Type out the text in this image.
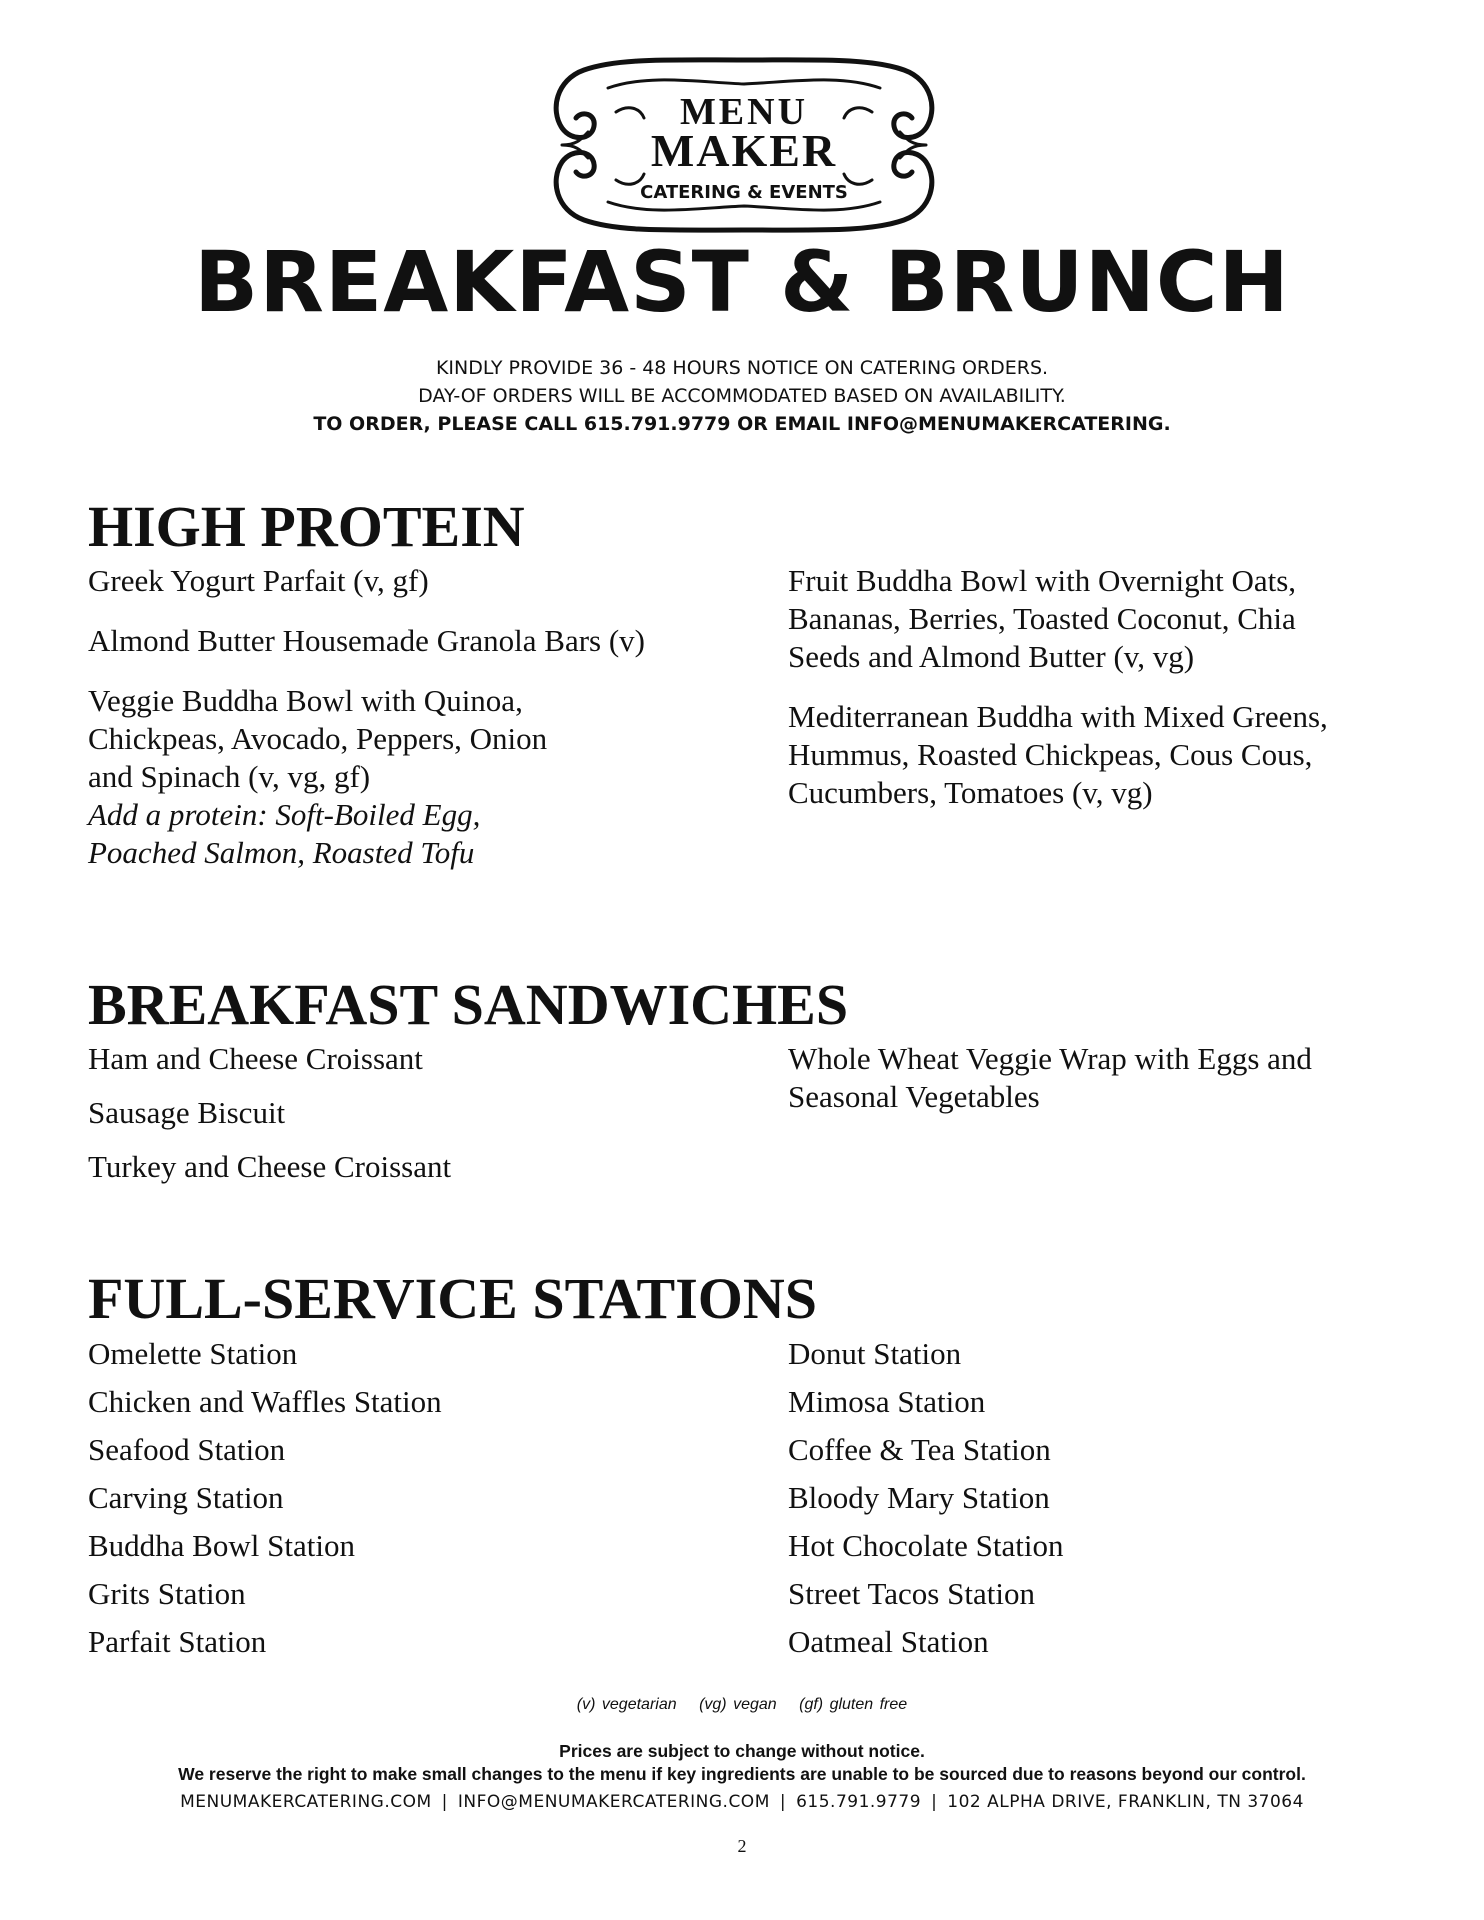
MENU
MAKER
CATERING & EVENTS
BREAKFAST & BRUNCH
KINDLY PROVIDE 36 - 48 HOURS NOTICE ON CATERING ORDERS.
DAY-OF ORDERS WILL BE ACCOMMODATED BASED ON AVAILABILITY.
TO ORDER, PLEASE CALL 615.791.9779 OR EMAIL INFO@MENUMAKERCATERING.
HIGH PROTEIN

Greek Yogurt Parfait (v, gf)

Almond Butter Housemade Granola Bars (v)

Veggie Buddha Bowl with Quinoa,
Chickpeas, Avocado, Peppers, Onion
and Spinach (v, vg, gf)
Add a protein: Soft-Boiled Egg,
Poached Salmon, Roasted Tofu

Fruit Buddha Bowl with Overnight Oats,
Bananas, Berries, Toasted Coconut, Chia
Seeds and Almond Butter (v, vg)

Mediterranean Buddha with Mixed Greens,
Hummus, Roasted Chickpeas, Cous Cous,
Cucumbers, Tomatoes (v, vg)

BREAKFAST SANDWICHES

Ham and Cheese Croissant

Sausage Biscuit

Turkey and Cheese Croissant

Whole Wheat Veggie Wrap with Eggs and
Seasonal Vegetables

FULL-SERVICE STATIONS

Omelette Station

Chicken and Waffles Station

Seafood Station

Carving Station

Buddha Bowl Station

Grits Station

Parfait Station

Donut Station

Mimosa Station

Coffee & Tea Station

Bloody Mary Station

Hot Chocolate Station

Street Tacos Station

Oatmeal Station

(v) vegetarian (vg) vegan (gf) gluten free
Prices are subject to change without notice.
We reserve the right to make small changes to the menu if key ingredients are unable to be sourced due to reasons beyond our control.
MENUMAKERCATERING.COM | INFO@MENUMAKERCATERING.COM | 615.791.9779 | 102 ALPHA DRIVE, FRANKLIN, TN 37064
2
